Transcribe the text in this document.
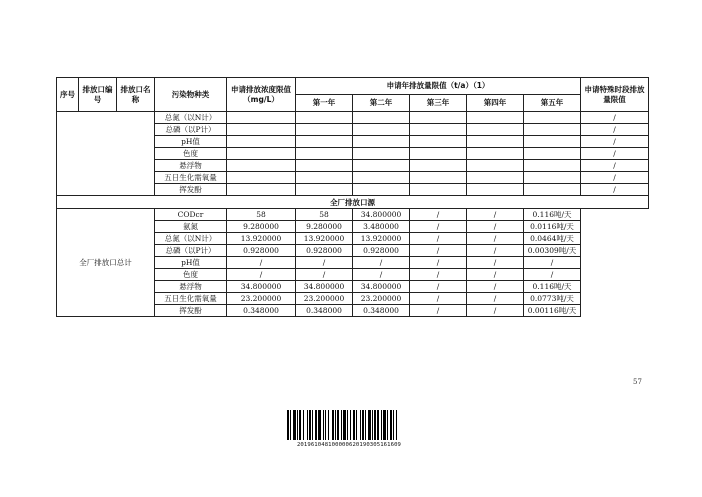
序号	排放口编号	排放口名称	污染物种类	申请排放浓度限值（mg/L）	申请年排放量限值（t/a）（1）					申请特殊时段排放量限值
					第一年	第二年	第三年	第四年	第五年	
			总氮（以N计）							/
			总磷（以P计）							/
			pH值							/
			色度							/
			悬浮物							/
			五日生化需氧量							/
			挥发酚							/
全厂排放口源										
全厂排放口总计			CODcr	58	58	34.800000	/	/	0.116吨/天	
			氨氮	9.280000	9.280000	3.480000	/	/	0.0116吨/天	
			总氮（以N计）	13.920000	13.920000	13.920000	/	/	0.0464吨/天	
			总磷（以P计）	0.928000	0.928000	0.928000	/	/	0.00309吨/天	
			pH值	/	/	/	/	/	/	
			色度	/	/	/	/	/	/	
			悬浮物	34.800000	34.800000	34.800000	/	/	0.116吨/天	
			五日生化需氧量	23.200000	23.200000	23.200000	/	/	0.0773吨/天	
			挥发酚	0.348000	0.348000	0.348000	/	/	0.00116吨/天	
57
2019610481000006201903051616​09
